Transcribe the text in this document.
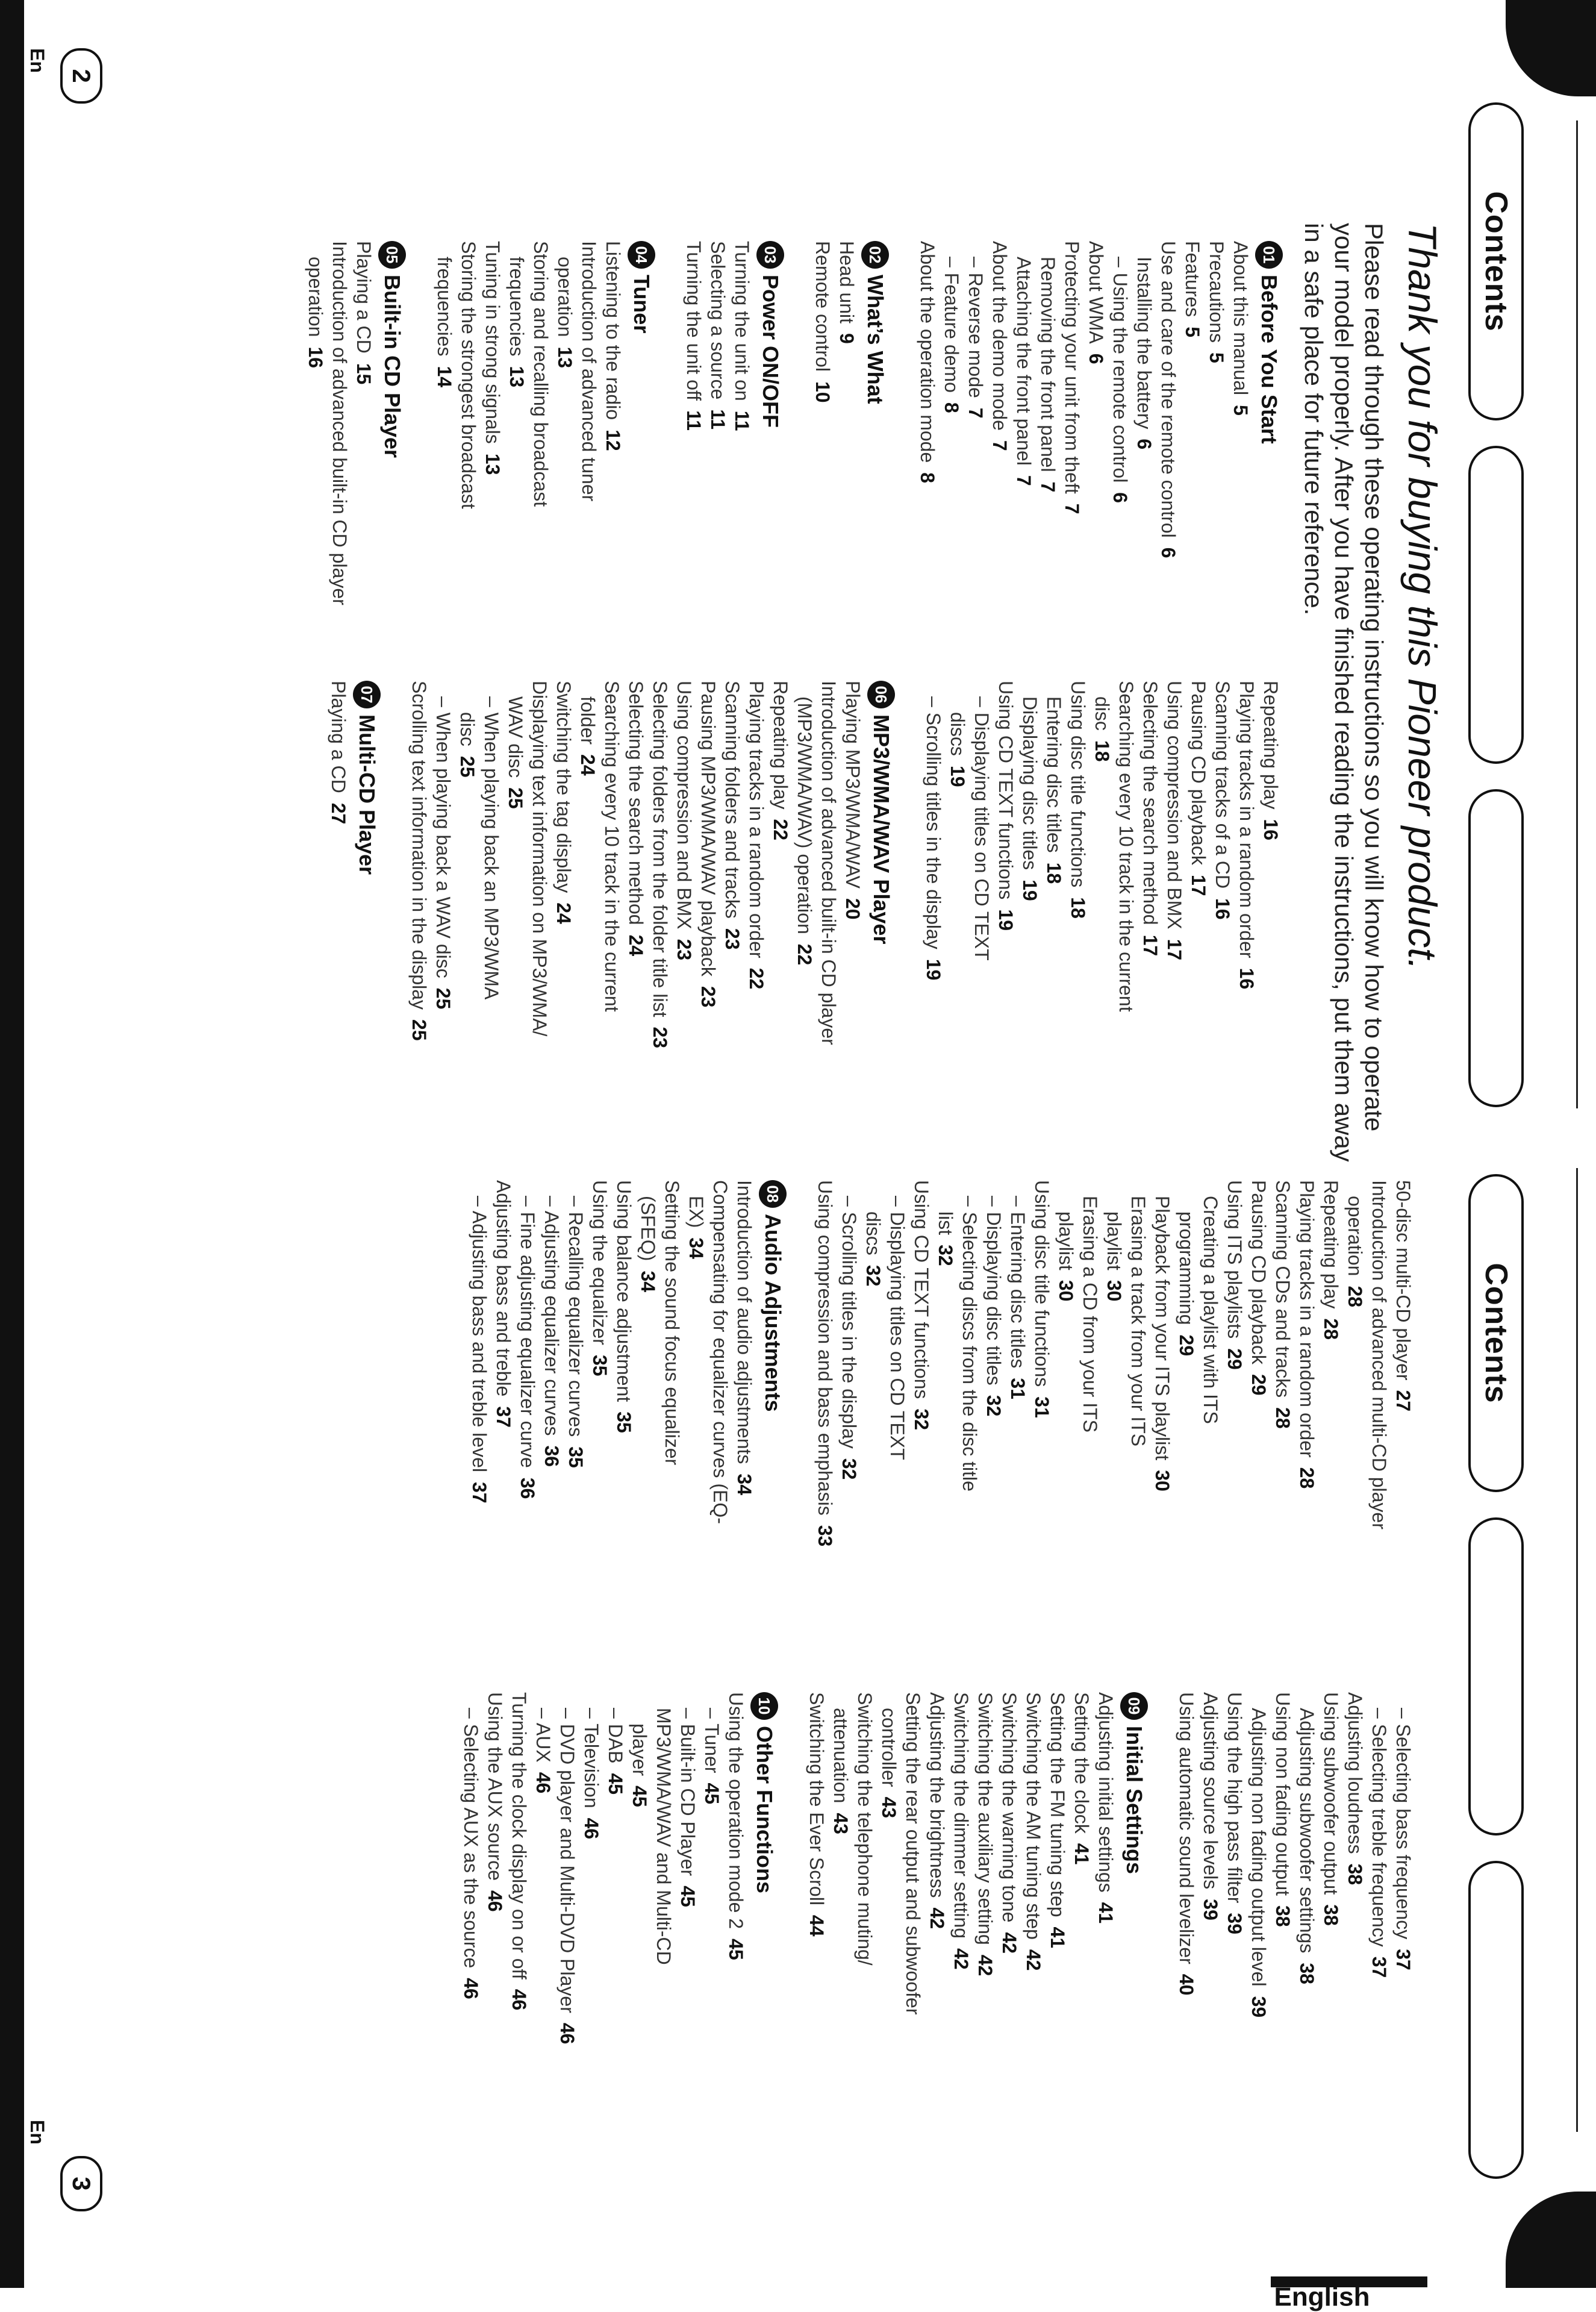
Contents
Thank you for buying this Pioneer product.

Please read through these operating instructions so you will know how to operate
your model properly. After you have finished reading the instructions, put them away
in a safe place for future reference.

01
Before You Start
About this manual5
Precautions5
Features5
Use and care of the remote control6
Installing the battery6
– Using the remote control6
About WMA6
Protecting your unit from theft7
Removing the front panel7
Attaching the front panel7
About the demo mode7
– Reverse mode7
– Feature demo8
About the operation mode8
02
What’s What
Head unit9
Remote control10
03
Power ON/OFF
Turning the unit on11
Selecting a source11
Turning the unit off11
04
Tuner
Listening to the radio12
Introduction of advanced tuner
operation13
Storing and recalling broadcast
frequencies13
Tuning in strong signals13
Storing the strongest broadcast
frequencies14
05
Built-in CD Player
Playing a CD15
Introduction of advanced built-in CD player
operation16
Repeating play16
Playing tracks in a random order16
Scanning tracks of a CD16
Pausing CD playback17
Using compression and BMX17
Selecting the search method17
Searching every 10 track in the current
disc18
Using disc title functions18
Entering disc titles18
Displaying disc titles19
Using CD TEXT functions19
– Displaying titles on CD TEXT
discs19
– Scrolling titles in the display19
06
MP3/WMA/WAV Player
Playing MP3/WMA/WAV20
Introduction of advanced built-in CD player
(MP3/WMA/WAV) operation22
Repeating play22
Playing tracks in a random order22
Scanning folders and tracks23
Pausing MP3/WMA/WAV playback23
Using compression and BMX23
Selecting folders from the folder title list23
Selecting the search method24
Searching every 10 track in the current
folder24
Switching the tag display24
Displaying text information on MP3/WMA/
WAV disc25
– When playing back an MP3/WMA
disc25
– When playing back a WAV disc25
Scrolling text information in the display25
07
Multi-CD Player
Playing a CD27
2
En
Contents
English
50-disc multi-CD player27
Introduction of advanced multi-CD player
operation28
Repeating play28
Playing tracks in a random order28
Scanning CDs and tracks28
Pausing CD playback29
Using ITS playlists29
Creating a playlist with ITS
programming29
Playback from your ITS playlist30
Erasing a track from your ITS
playlist30
Erasing a CD from your ITS
playlist30
Using disc title functions31
– Entering disc titles31
– Displaying disc titles32
– Selecting discs from the disc title
list32
Using CD TEXT functions32
– Displaying titles on CD TEXT
discs32
– Scrolling titles in the display32
Using compression and bass emphasis33
08
Audio Adjustments
Introduction of audio adjustments34
Compensating for equalizer curves (EQ-
EX)34
Setting the sound focus equalizer
(SFEQ)34
Using balance adjustment35
Using the equalizer35
– Recalling equalizer curves35
– Adjusting equalizer curves36
– Fine adjusting equalizer curve36
Adjusting bass and treble37
– Adjusting bass and treble level37
– Selecting bass frequency37
– Selecting treble frequency37
Adjusting loudness38
Using subwoofer output38
Adjusting subwoofer settings38
Using non fading output38
Adjusting non fading output level39
Using the high pass filter39
Adjusting source levels39
Using automatic sound levelizer40
09
Initial Settings
Adjusting initial settings41
Setting the clock41
Setting the FM tuning step41
Switching the AM tuning step42
Switching the warning tone42
Switching the auxiliary setting42
Switching the dimmer setting42
Adjusting the brightness42
Setting the rear output and subwoofer
controller43
Switching the telephone muting/
attenuation43
Switching the Ever Scroll44
10
Other Functions
Using the operation mode 245
– Tuner45
– Built-in CD Player45
MP3/WMA/WAV and Multi-CD
player45
– DAB45
– Television46
– DVD player and Multi-DVD Player46
– AUX46
Turning the clock display on or off46
Using the AUX source46
– Selecting AUX as the source46
3
En
